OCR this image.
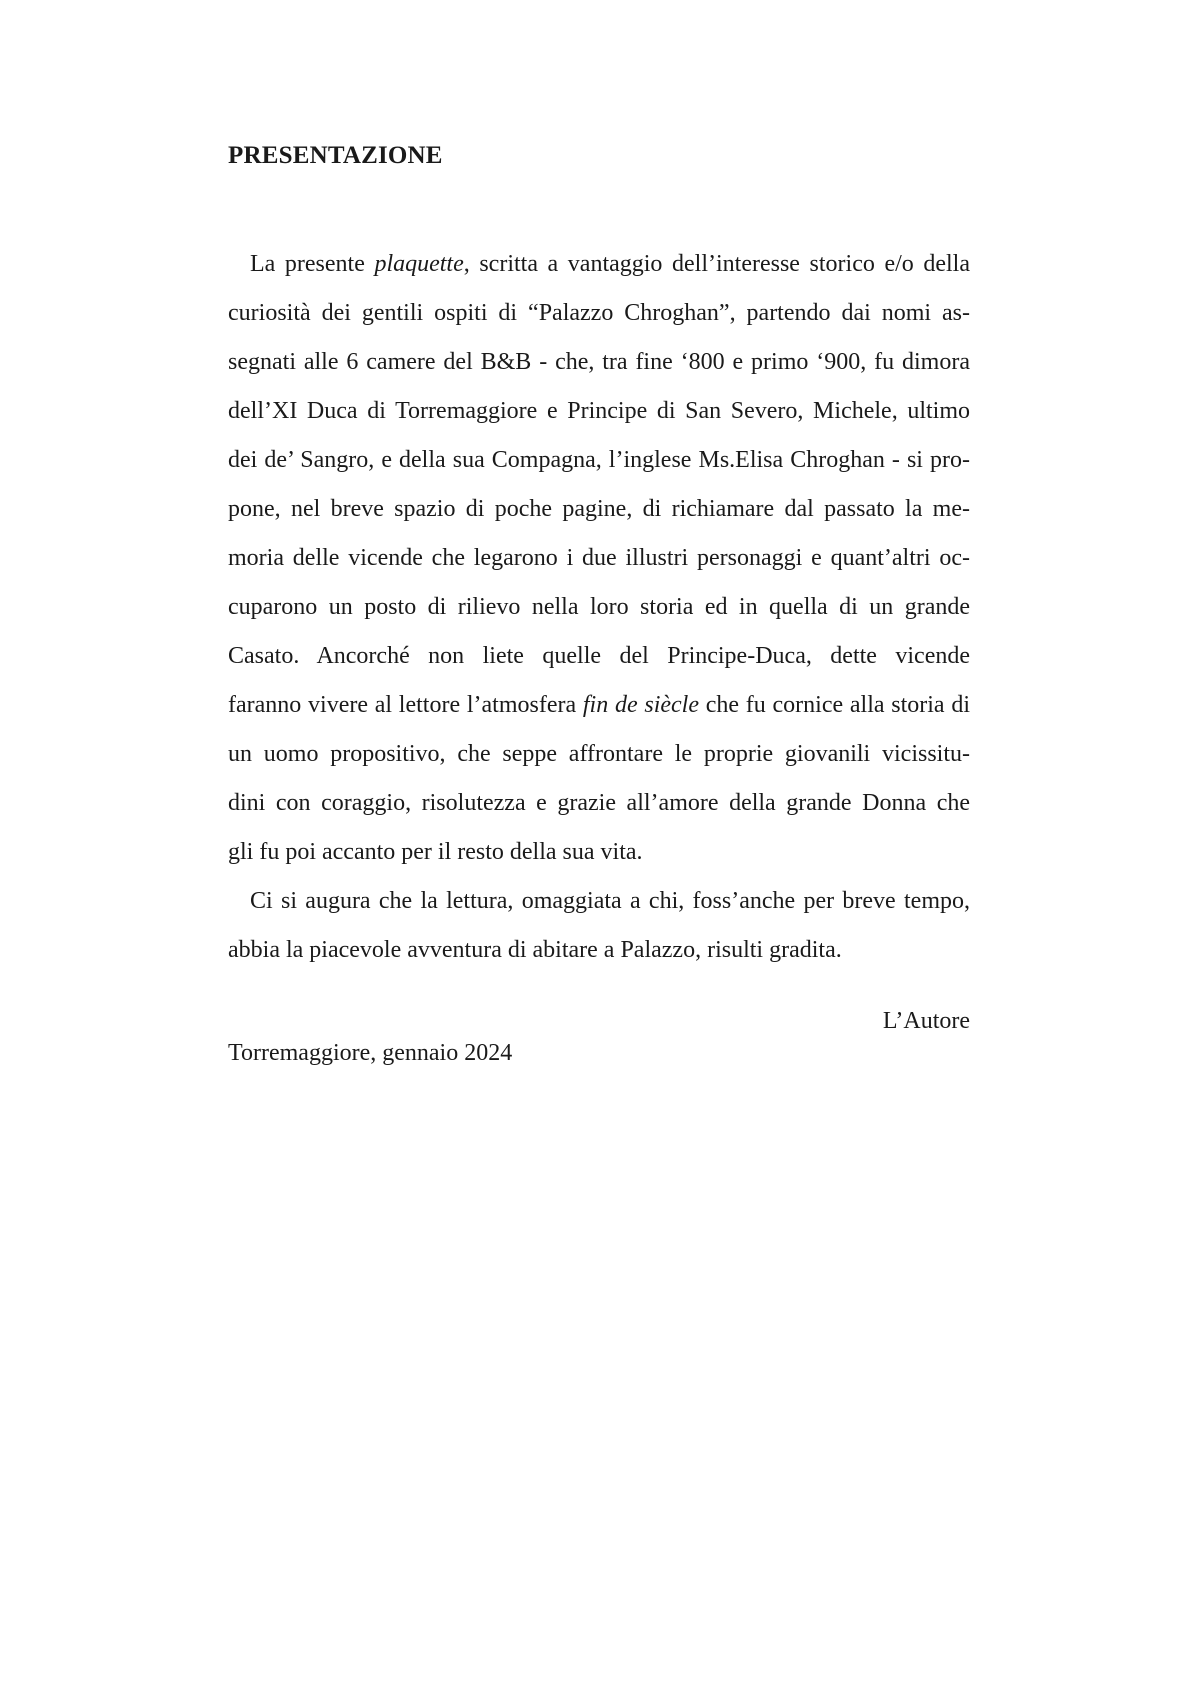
PRESENTAZIONE
La presente plaquette, scritta a vantaggio dell’interesse storico e/o della
curiosità dei gentili ospiti di “Palazzo Chroghan”, partendo dai nomi as-
segnati alle 6 camere del B&B - che, tra fine ‘800 e primo ‘900, fu dimora
dell’XI Duca di Torremaggiore e Principe di San Severo, Michele, ultimo
dei de’ Sangro, e della sua Compagna, l’inglese Ms.Elisa Chroghan - si pro-
pone, nel breve spazio di poche pagine, di richiamare dal passato la me-
moria delle vicende che legarono i due illustri personaggi e quant’altri oc-
cuparono un posto di rilievo nella loro storia ed in quella di un grande
Casato. Ancorché non liete quelle del Principe-Duca, dette vicende
faranno vivere al lettore l’atmosfera fin de siècle che fu cornice alla storia di
un uomo propositivo, che seppe affrontare le proprie giovanili vicissitu-
dini con coraggio, risolutezza e grazie all’amore della grande Donna che
gli fu poi accanto per il resto della sua vita.
Ci si augura che la lettura, omaggiata a chi, foss’anche per breve tempo,
abbia la piacevole avventura di abitare a Palazzo, risulti gradita.

L’Autore

Torremaggiore, gennaio 2024
